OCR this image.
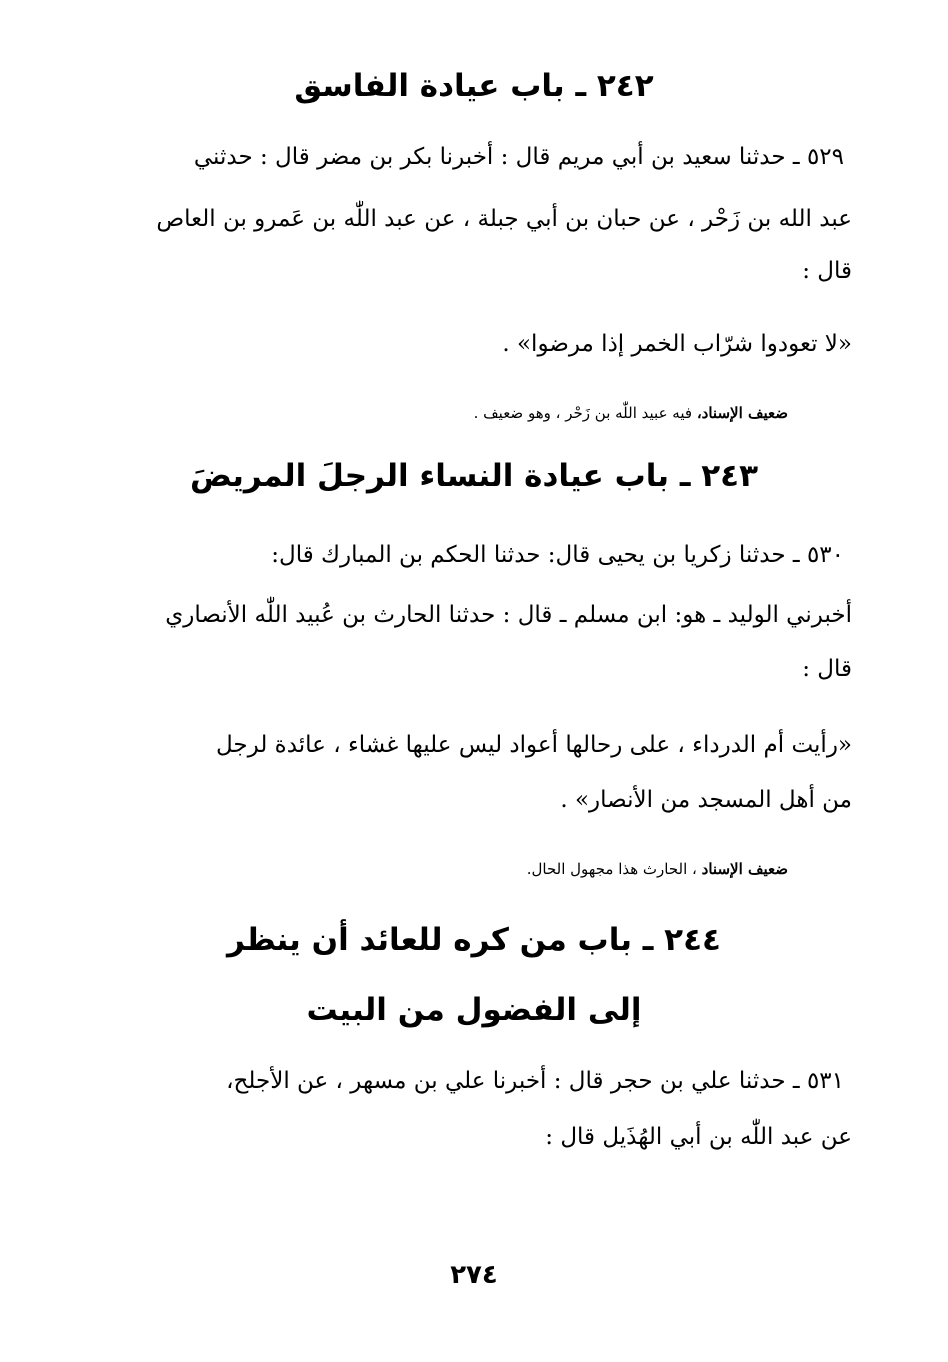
٢٤٢ ـ باب عيادة الفاسق
٥٢٩ ـ حدثنا سعيد بن أبي مريم قال : أخبرنا بكر بن مضر قال : حدثني
عبد الله بن زَحْر ، عن حبان بن أبي جبلة ، عن عبد اللّٰه بن عَمرو بن العاص
قال :
«لا تعودوا شرّاب الخمر إذا مرضوا» .
ضعيف الإسناد، فيه عبيد اللّٰه بن زَحْر ، وهو ضعيف .
٢٤٣ ـ باب عيادة النساء الرجلَ المريضَ
٥٣٠ ـ حدثنا زكريا بن يحيى قال: حدثنا الحكم بن المبارك قال:
أخبرني الوليد ـ هو: ابن مسلم ـ قال : حدثنا الحارث بن عُبيد اللّٰه الأنصاري
قال :
«رأيت أم الدرداء ، على رحالها أعواد ليس عليها غشاء ، عائدة لرجل
من أهل المسجد من الأنصار» .
ضعيف الإسناد ، الحارث هذا مجهول الحال.
٢٤٤ ـ باب من كره للعائد أن ينظر
إلى الفضول من البيت
٥٣١ ـ حدثنا علي بن حجر قال : أخبرنا علي بن مسهر ، عن الأجلح،
عن عبد اللّٰه بن أبي الهُذَيل قال :
٢٧٤
